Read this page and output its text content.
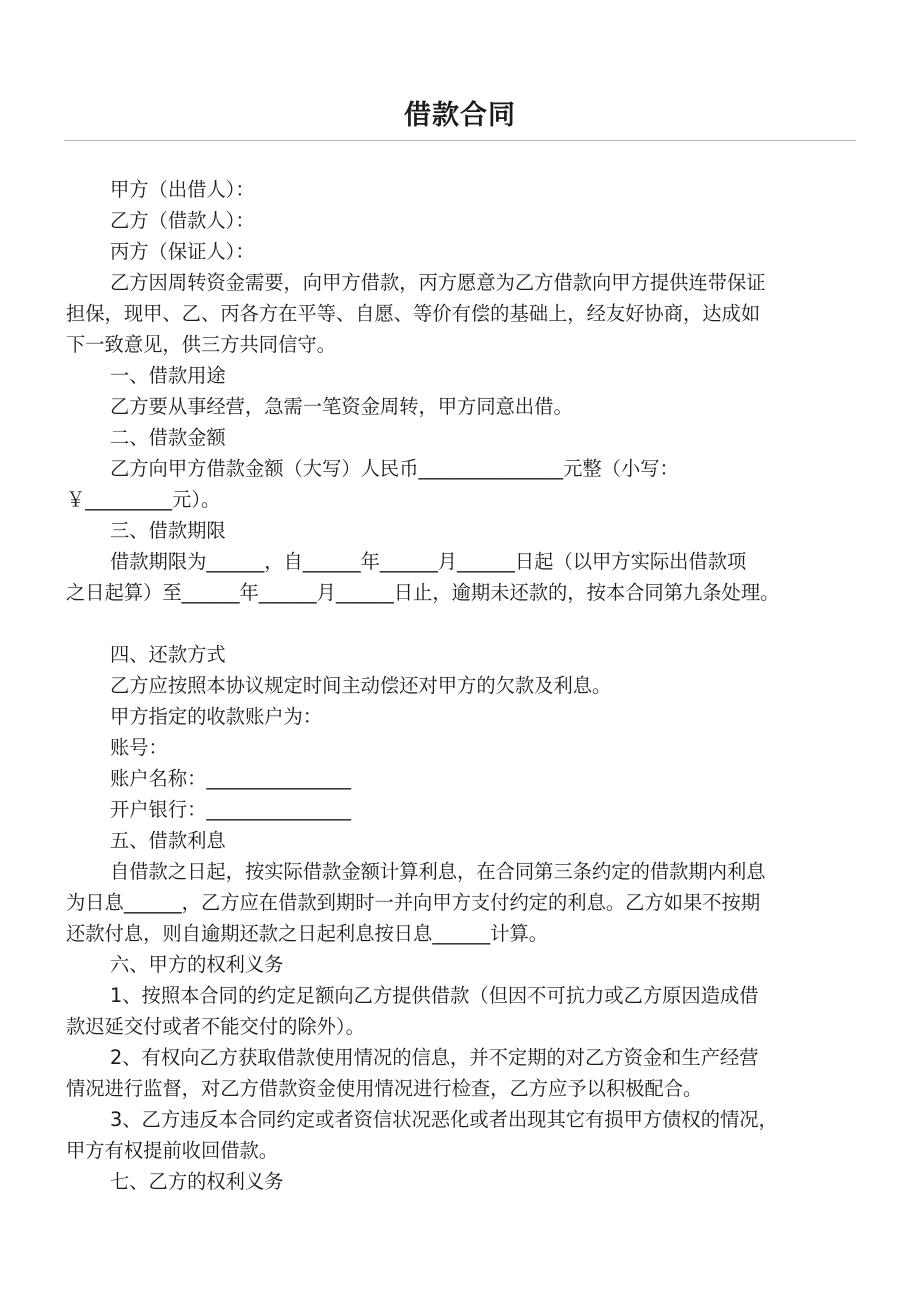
借款合同

甲方（出借人）：

乙方（借款人）：

丙方（保证人）：

乙方因周转资金需要，向甲方借款，丙方愿意为乙方借款向甲方提供连带保证

担保，现甲、乙、丙各方在平等、自愿、等价有偿的基础上，经友好协商，达成如

下一致意见，供三方共同信守。

一、借款用途

乙方要从事经营，急需一笔资金周转，甲方同意出借。

二、借款金额

乙方向甲方借款金额（大写）人民币_______________元整（小写：

￥_________元）。

三、借款期限

借款期限为______，自______年______月______日起（以甲方实际出借款项

之日起算）至______年______月______日止，逾期未还款的，按本合同第九条处理。

四、还款方式

乙方应按照本协议规定时间主动偿还对甲方的欠款及利息。

甲方指定的收款账户为：

账号：

账户名称：_______________

开户银行：_______________

五、借款利息

自借款之日起，按实际借款金额计算利息，在合同第三条约定的借款期内利息

为日息______，乙方应在借款到期时一并向甲方支付约定的利息。乙方如果不按期

还款付息，则自逾期还款之日起利息按日息______计算。

六、甲方的权利义务

1、按照本合同的约定足额向乙方提供借款（但因不可抗力或乙方原因造成借

款迟延交付或者不能交付的除外）。

2、有权向乙方获取借款使用情况的信息，并不定期的对乙方资金和生产经营

情况进行监督，对乙方借款资金使用情况进行检查，乙方应予以积极配合。

3、乙方违反本合同约定或者资信状况恶化或者出现其它有损甲方债权的情况，

甲方有权提前收回借款。

七、乙方的权利义务
